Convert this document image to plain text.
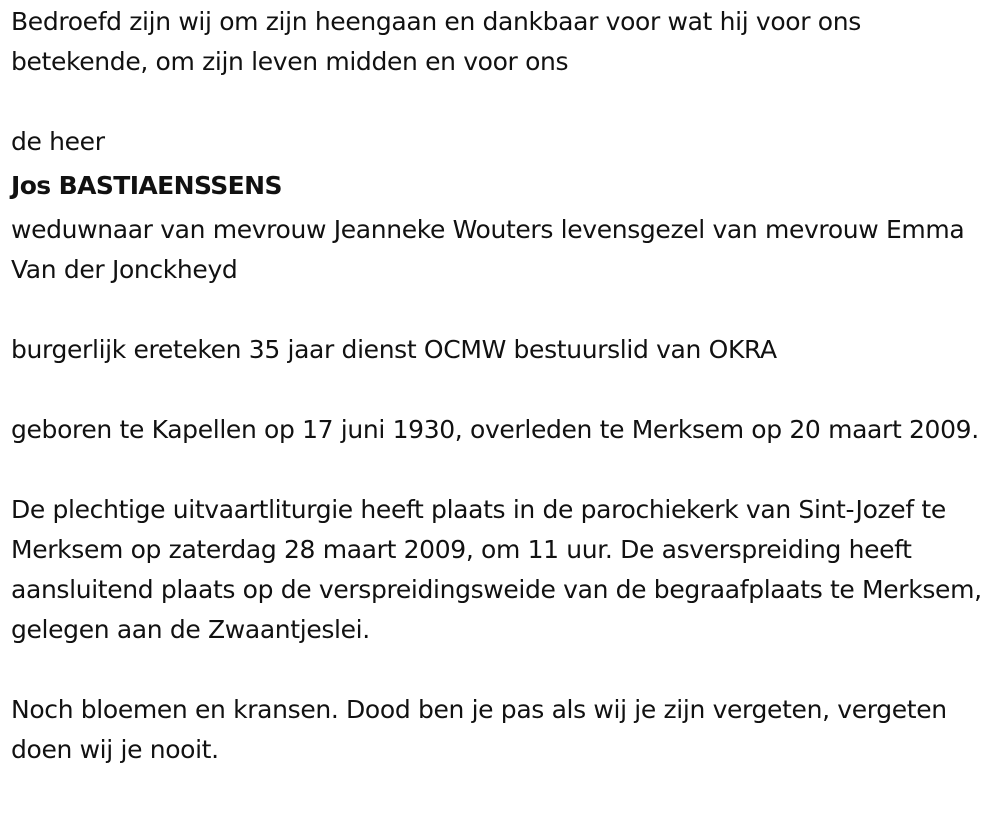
Bedroefd zijn wij om zijn heengaan en dankbaar voor wat hij voor ons betekende, om zijn leven midden en voor ons

de heer

Jos BASTIAENSSENS

weduwnaar van mevrouw Jeanneke Wouters levensgezel van mevrouw Emma Van der Jonckheyd

burgerlijk ereteken 35 jaar dienst OCMW bestuurslid van OKRA

geboren te Kapellen op 17 juni 1930, overleden te Merksem op 20 maart 2009.

De plechtige uitvaartliturgie heeft plaats in de parochiekerk van Sint-Jozef te Merksem op zaterdag 28 maart 2009, om 11 uur. De asverspreiding heeft aansluitend plaats op de verspreidingsweide van de begraafplaats te Merksem, gelegen aan de Zwaantjeslei.

Noch bloemen en kransen. Dood ben je pas als wij je zijn vergeten, vergeten doen wij je nooit.
